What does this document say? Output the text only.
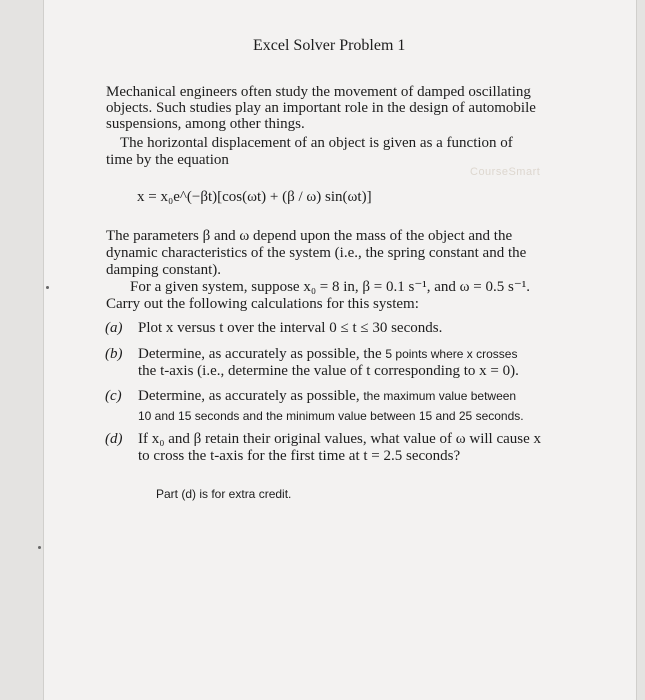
Excel Solver Problem 1
CourseSmart
Mechanical engineers often study the movement of damped oscillating
objects. Such studies play an important role in the design of automobile
suspensions, among other things.
The horizontal displacement of an object is given as a function of
time by the equation
x = x₀e^(−βt)[cos(ωt) + (β / ω) sin(ωt)]
The parameters β and ω depend upon the mass of the object and the
dynamic characteristics of the system (i.e., the spring constant and the
damping constant).
For a given system, suppose x₀ = 8 in, β = 0.1 s⁻¹, and ω = 0.5 s⁻¹.
Carry out the following calculations for this system:
(a) Plot x versus t over the interval 0 ≤ t ≤ 30 seconds.
(b) Determine, as accurately as possible, the 5 points where x crosses
the t-axis (i.e., determine the value of t corresponding to x = 0).
(c) Determine, as accurately as possible, the maximum value between
10 and 15 seconds and the minimum value between 15 and 25 seconds.
(d) If x₀ and β retain their original values, what value of ω will cause x
to cross the t-axis for the first time at t = 2.5 seconds?
Part (d) is for extra credit.
